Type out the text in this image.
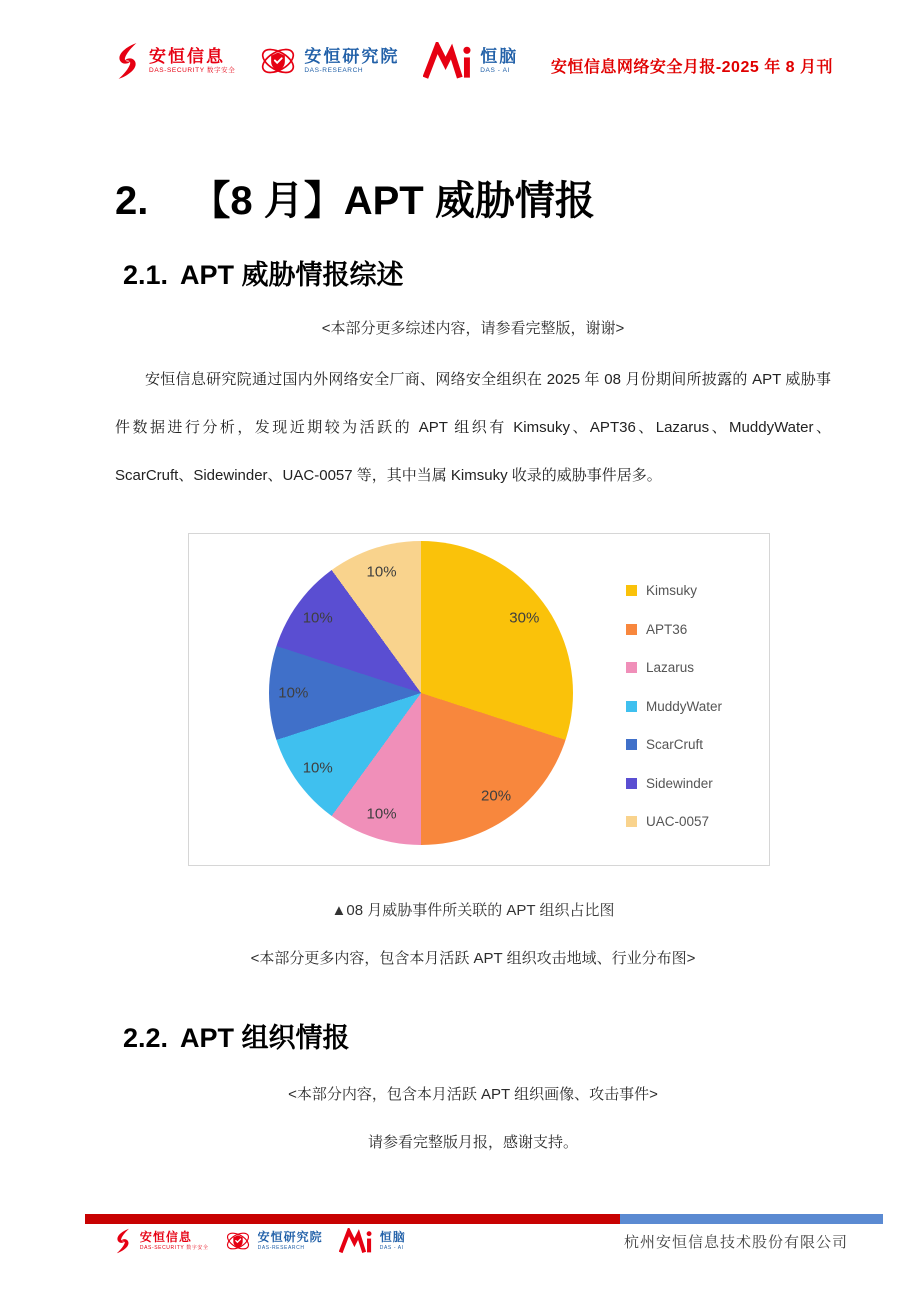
安恒信息
DAS-SECURITY 数字安全
安恒研究院
DAS-RESEARCH
恒脑
DAS - AI	安恒信息网络安全月报-2025 年 8 月刊
2. 【8 月】APT 威胁情报
2.1. APT 威胁情报综述

<本部分更多综述内容，请参看完整版，谢谢>

安恒信息研究院通过国内外网络安全厂商、网络安全组织在 2025 年 08 月份期间所披露的 APT 威胁事件数据进行分析，发现近期较为活跃的 APT 组织有 Kimsuky、APT36、Lazarus、MuddyWater、ScarCruft、Sidewinder、UAC-0057 等，其中当属 Kimsuky 收录的威胁事件居多。

30%
20%
10%
10%
10%
10%
10%
Kimsuky
APT36
Lazarus
MuddyWater
ScarCruft
Sidewinder
UAC-0057

▲08 月威胁事件所关联的 APT 组织占比图

<本部分更多内容，包含本月活跃 APT 组织攻击地域、行业分布图>

2.2. APT 组织情报

<本部分内容，包含本月活跃 APT 组织画像、攻击事件>

请参看完整版月报，感谢支持。

安恒信息
DAS-SECURITY 数字安全
安恒研究院
DAS-RESEARCH
恒脑
DAS - AI	杭州安恒信息技术股份有限公司
